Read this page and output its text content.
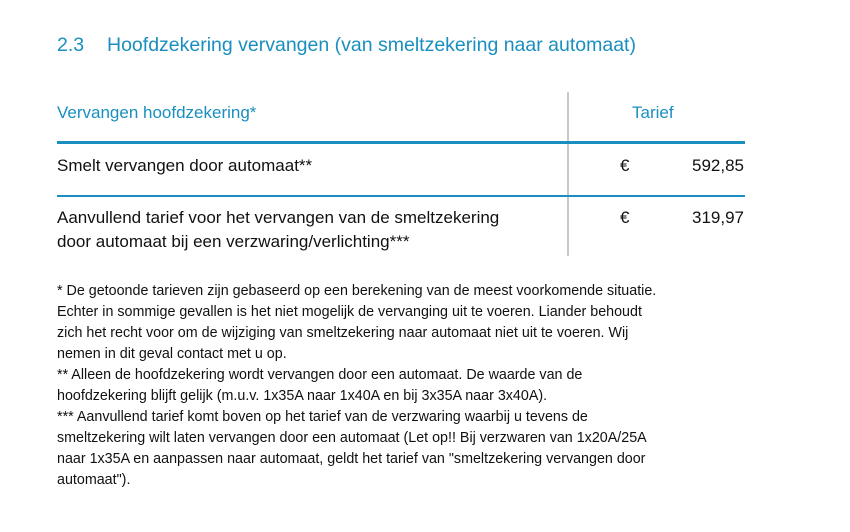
2.3 Hoofdzekering vervangen (van smeltzekering naar automaat)
Vervangen hoofdzekering*	Tarief
Smelt vervangen door automaat**	€	592,85
Aanvullend tarief voor het vervangen van de smeltzekering
door automaat bij een verzwaring/verlichting***
€	319,97

* De getoonde tarieven zijn gebaseerd op een berekening van de meest voorkomende situatie.

Echter in sommige gevallen is het niet mogelijk de vervanging uit te voeren. Liander behoudt

zich het recht voor om de wijziging van smeltzekering naar automaat niet uit te voeren. Wij

nemen in dit geval contact met u op.

** Alleen de hoofdzekering wordt vervangen door een automaat. De waarde van de

hoofdzekering blijft gelijk (m.u.v. 1x35A naar 1x40A en bij 3x35A naar 3x40A).

*** Aanvullend tarief komt boven op het tarief van de verzwaring waarbij u tevens de

smeltzekering wilt laten vervangen door een automaat (Let op!! Bij verzwaren van 1x20A/25A

naar 1x35A en aanpassen naar automaat, geldt het tarief van "smeltzekering vervangen door

automaat").
